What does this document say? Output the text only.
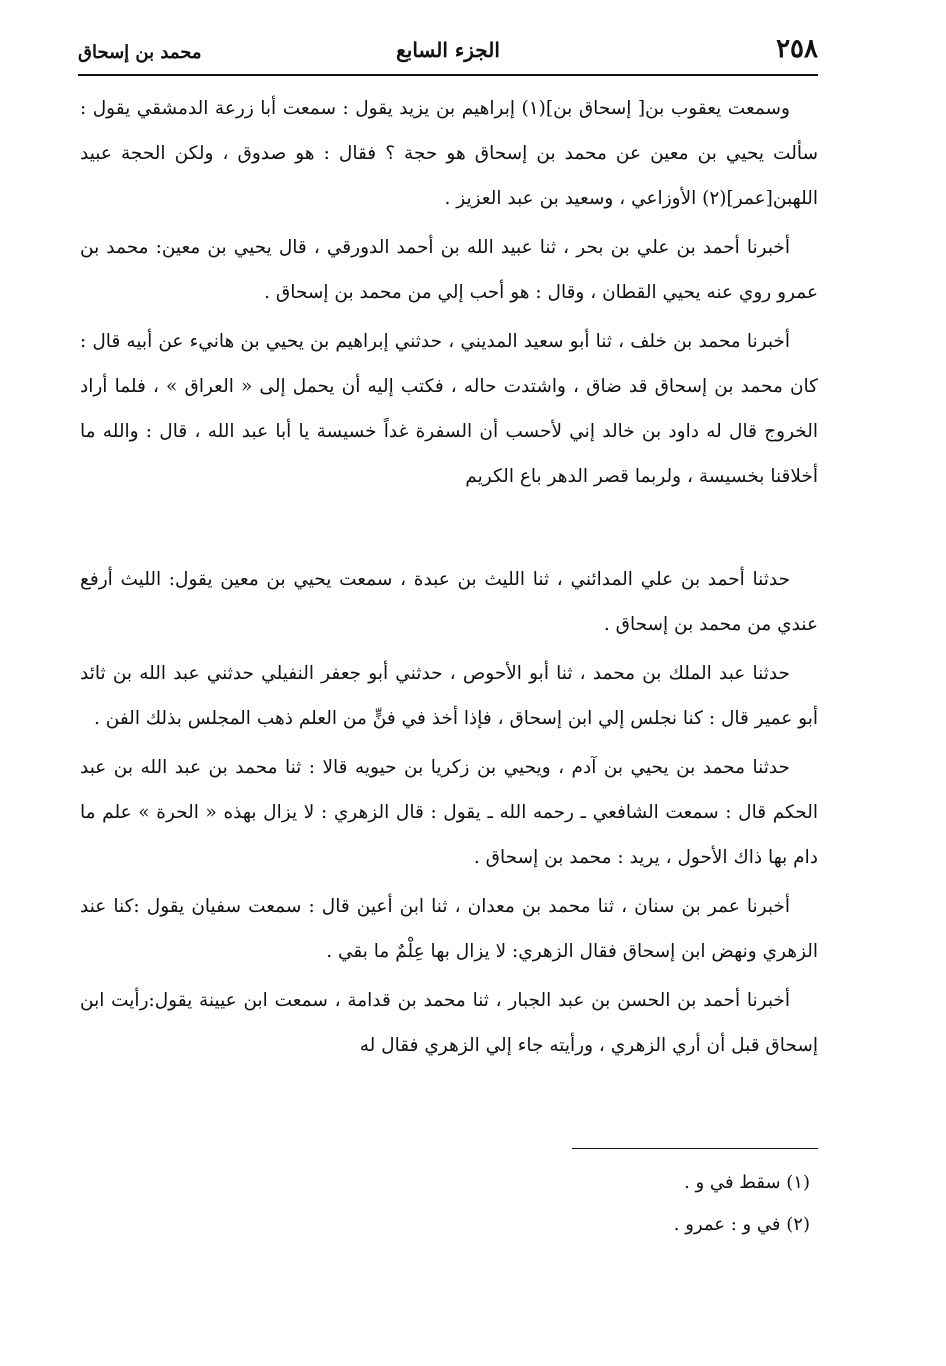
٢٥٨
الجزء السابع
محمد بن إسحاق

وسمعت يعقوب بن[ إسحاق بن](١) إبراهيم بن يزيد يقول : سمعت أبا زرعة الدمشقي يقول : سألت يحيي بن معين عن محمد بن إسحاق هو حجة ؟ فقال : هو صدوق ، ولكن الحجة عبيد اللهبن[عمر](٢) الأوزاعي ، وسعيد بن عبد العزيز .

أخبرنا أحمد بن علي بن بحر ، ثنا عبيد الله بن أحمد الدورقي ، قال يحيي بن معين: محمد بن عمرو روي عنه يحيي القطان ، وقال : هو أحب إلي من محمد بن إسحاق .

أخبرنا محمد بن خلف ، ثنا أبو سعيد المديني ، حدثني إبراهيم بن يحيي بن هانيء عن أبيه قال : كان محمد بن إسحاق قد ضاق ، واشتدت حاله ، فكتب إليه أن يحمل إلى « العراق » ، فلما أراد الخروج قال له داود بن خالد إني لأحسب أن السفرة غداً خسيسة يا أبا عبد الله ، قال : والله ما أخلاقنا بخسيسة ، ولربما قصر الدهر باع الكريم

حدثنا أحمد بن علي المدائني ، ثنا الليث بن عبدة ، سمعت يحيي بن معين يقول: الليث أرفع عندي من محمد بن إسحاق .

حدثنا عبد الملك بن محمد ، ثنا أبو الأحوص ، حدثني أبو جعفر النفيلي حدثني عبد الله بن ثائد أبو عمير قال : كنا نجلس إلي ابن إسحاق ، فإذا أخذ في فنٍّ من العلم ذهب المجلس بذلك الفن .

حدثنا محمد بن يحيي بن آدم ، ويحيي بن زكريا بن حيويه قالا : ثنا محمد بن عبد الله بن عبد الحكم قال : سمعت الشافعي ـ رحمه الله ـ يقول : قال الزهري : لا يزال بهذه « الحرة » علم ما دام بها ذاك الأحول ، يريد : محمد بن إسحاق .

أخبرنا عمر بن سنان ، ثنا محمد بن معدان ، ثنا ابن أعين قال : سمعت سفيان يقول :كنا عند الزهري ونهض ابن إسحاق فقال الزهري: لا يزال بها عِلْمٌ ما بقي .

أخبرنا أحمد بن الحسن بن عبد الجبار ، ثنا محمد بن قدامة ، سمعت ابن عيينة يقول:رأيت ابن إسحاق قبل أن أري الزهري ، ورأيته جاء إلي الزهري فقال له

(١) سقط في و .

(٢) في و : عمرو .
